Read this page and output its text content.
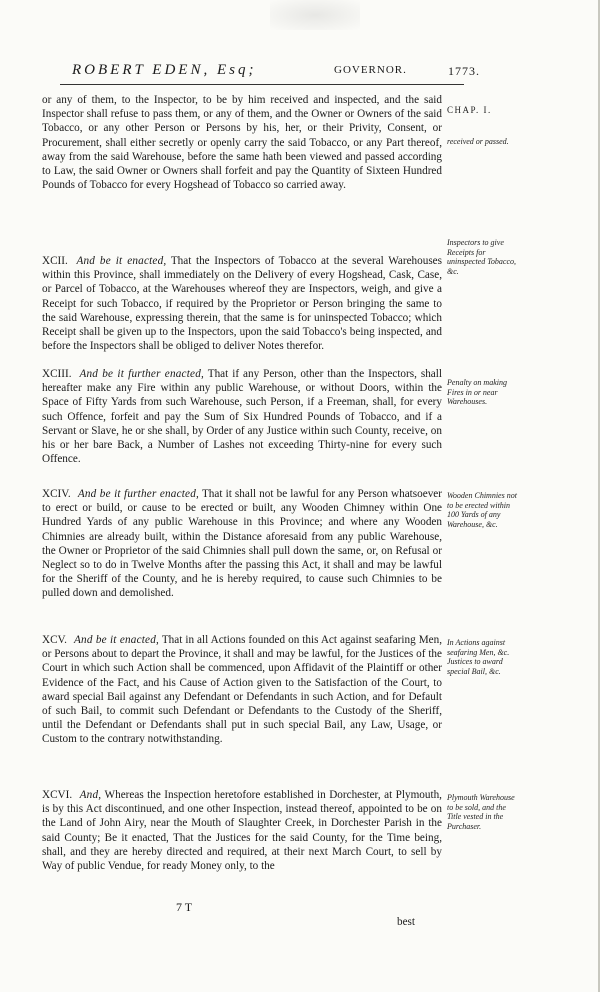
ROBERT EDEN, Esq;	GOVERNOR.	1773.
or any of them, to the Inspector, to be by him received and inspected, and the said Inspector shall refuse to pass them, or any of them, and the Owner or Owners of the said Tobacco, or any other Person or Persons by his, her, or their Privity, Consent, or Procurement, shall either secretly or openly carry the said Tobacco, or any Part thereof, away from the said Warehouse, before the same hath been viewed and passed according to Law, the said Owner or Owners shall forfeit and pay the Quantity of Sixteen Hundred Pounds of Tobacco for every Hogshead of Tobacco so carried away.
XCII. And be it enacted, That the Inspectors of Tobacco at the several Warehouses within this Province, shall immediately on the Delivery of every Hogshead, Cask, Case, or Parcel of Tobacco, at the Warehouses whereof they are Inspectors, weigh, and give a Receipt for such Tobacco, if required by the Proprietor or Person bringing the same to the said Warehouse, expressing therein, that the same is for uninspected Tobacco; which Receipt shall be given up to the Inspectors, upon the said Tobacco's being inspected, and before the Inspectors shall be obliged to deliver Notes therefor.
XCIII. And be it further enacted, That if any Person, other than the Inspectors, shall hereafter make any Fire within any public Warehouse, or without Doors, within the Space of Fifty Yards from such Warehouse, such Person, if a Freeman, shall, for every such Offence, forfeit and pay the Sum of Six Hundred Pounds of Tobacco, and if a Servant or Slave, he or she shall, by Order of any Justice within such County, receive, on his or her bare Back, a Number of Lashes not exceeding Thirty-nine for every such Offence.
XCIV. And be it further enacted, That it shall not be lawful for any Person whatsoever to erect or build, or cause to be erected or built, any Wooden Chimney within One Hundred Yards of any public Warehouse in this Province; and where any Wooden Chimnies are already built, within the Distance aforesaid from any public Warehouse, the Owner or Proprietor of the said Chimnies shall pull down the same, or, on Refusal or Neglect so to do in Twelve Months after the passing this Act, it shall and may be lawful for the Sheriff of the County, and he is hereby required, to cause such Chimnies to be pulled down and demolished.
XCV. And be it enacted, That in all Actions founded on this Act against seafaring Men, or Persons about to depart the Province, it shall and may be lawful, for the Justices of the Court in which such Action shall be commenced, upon Affidavit of the Plaintiff or other Evidence of the Fact, and his Cause of Action given to the Satisfaction of the Court, to award special Bail against any Defendant or Defendants in such Action, and for Default of such Bail, to commit such Defendant or Defendants to the Custody of the Sheriff, until the Defendant or Defendants shall put in such special Bail, any Law, Usage, or Custom to the contrary notwithstanding.
XCVI. And, Whereas the Inspection heretofore established in Dorchester, at Plymouth, is by this Act discontinued, and one other Inspection, instead thereof, appointed to be on the Land of John Airy, near the Mouth of Slaughter Creek, in Dorchester Parish in the said County; Be it enacted, That the Justices for the said County, for the Time being, shall, and they are hereby directed and required, at their next March Court, to sell by Way of public Vendue, for ready Money only, to the
CHAP. I.
received or passed.
Inspectors to give Receipts for uninspected Tobacco, &c.
Penalty on making Fires in or near Warehouses.
Wooden Chimnies not to be erected within 100 Yards of any Warehouse, &c.
In Actions against seafaring Men, &c. Justices to award special Bail, &c.
Plymouth Warehouse to be sold, and the Title vested in the Purchaser.
7 T
best
